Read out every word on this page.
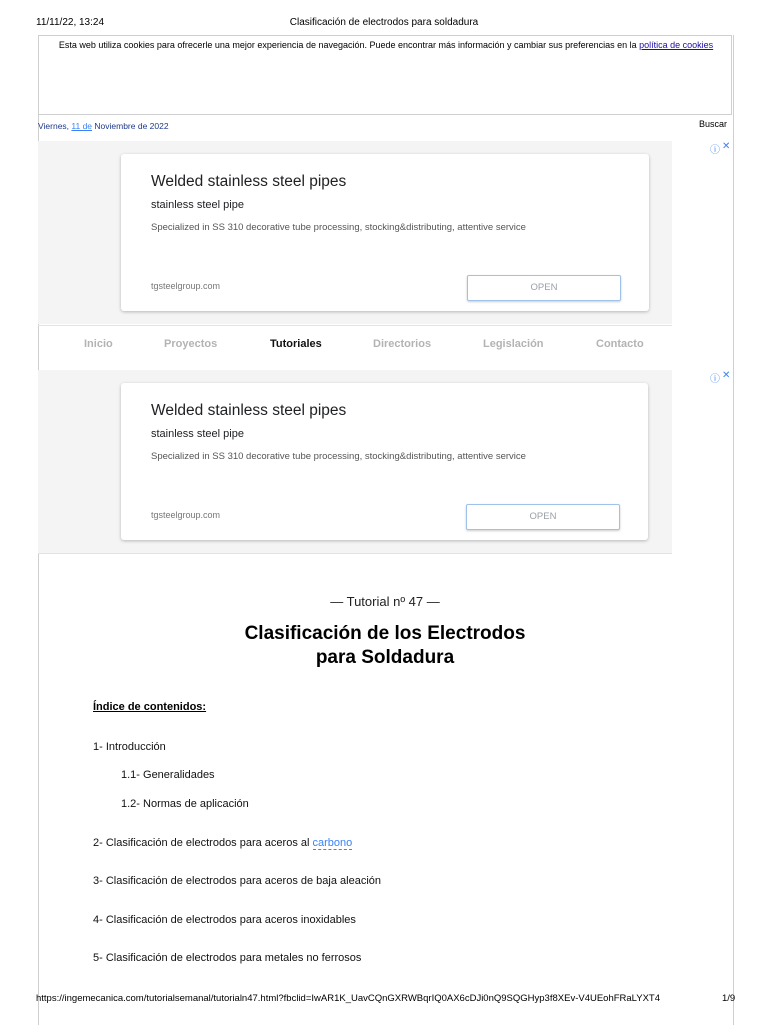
11/11/22, 13:24	Clasificación de electrodos para soldadura
Esta web utiliza cookies para ofrecerle una mejor experiencia de navegación. Puede encontrar más información y cambiar sus preferencias en la política de cookies
Viernes, 11 de Noviembre de 2022	Buscar
Welded stainless steel pipes
stainless steel pipe
Specialized in SS 310 decorative tube processing, stocking&distributing, attentive service
tgsteelgroup.com	OPEN
ⓘ ✕
Inicio	Proyectos	Tutoriales	Directorios	Legislación	Contacto
Welded stainless steel pipes
stainless steel pipe
Specialized in SS 310 decorative tube processing, stocking&distributing, attentive service
tgsteelgroup.com	OPEN
ⓘ ✕
— Tutorial nº 47 —
Clasificación de los Electrodos
para Soldadura
Índice de contenidos:
1- Introducción
1.1- Generalidades
1.2- Normas de aplicación
2- Clasificación de electrodos para aceros al carbono
3- Clasificación de electrodos para aceros de baja aleación
4- Clasificación de electrodos para aceros inoxidables
5- Clasificación de electrodos para metales no ferrosos
https://ingemecanica.com/tutorialsemanal/tutorialn47.html?fbclid=IwAR1K_UavCQnGXRWBqrIQ0AX6cDJi0nQ9SQGHyp3f8XEv-V4UEohFRaLYXT4	1/9
